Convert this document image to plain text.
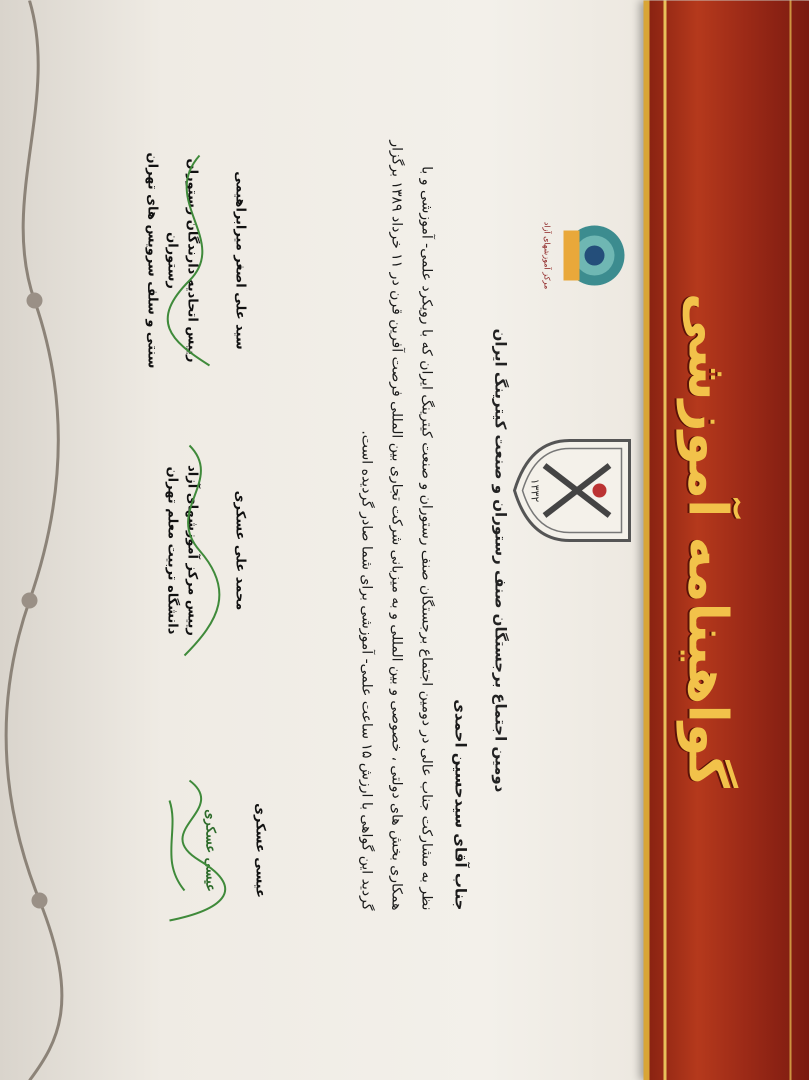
گواهینامه آموزشی
۱۳۳۲
مرکز آموزشهای آزاد
دومین اجتماع برجستگان صنف رستوران و صنعت کیترینگ ایران
جناب آقای سیدحسین احمدی
نظر به مشارکت جناب عالی در دومین اجتماع برجستگان صنف رستوران و صنعت کیترینگ ایران که با رویکرد علمی- آموزشی و با همکاری بخش های دولتی ، خصوصی و بین المللی و به میزبانی شرکت تجاری بین المللی فرصت آفرین قرن در ۱۱ خرداد ۱۳۸۹ برگزار گردید این گواهی با ارزش ۱۵ ساعت علمی- آموزشی برای شما صادر گردیده است.
عیسی عسکری
عیسی عسکری
محمد علی عسکری
رییس مرکز آموزشهای آزاد
دانشگاه تربیت معلم تهران
سید علی اصغر میرابراهیمی
رییس اتحادیه دارندگان رستوران رستوران
سنتی و سلف سرویس های تهران
